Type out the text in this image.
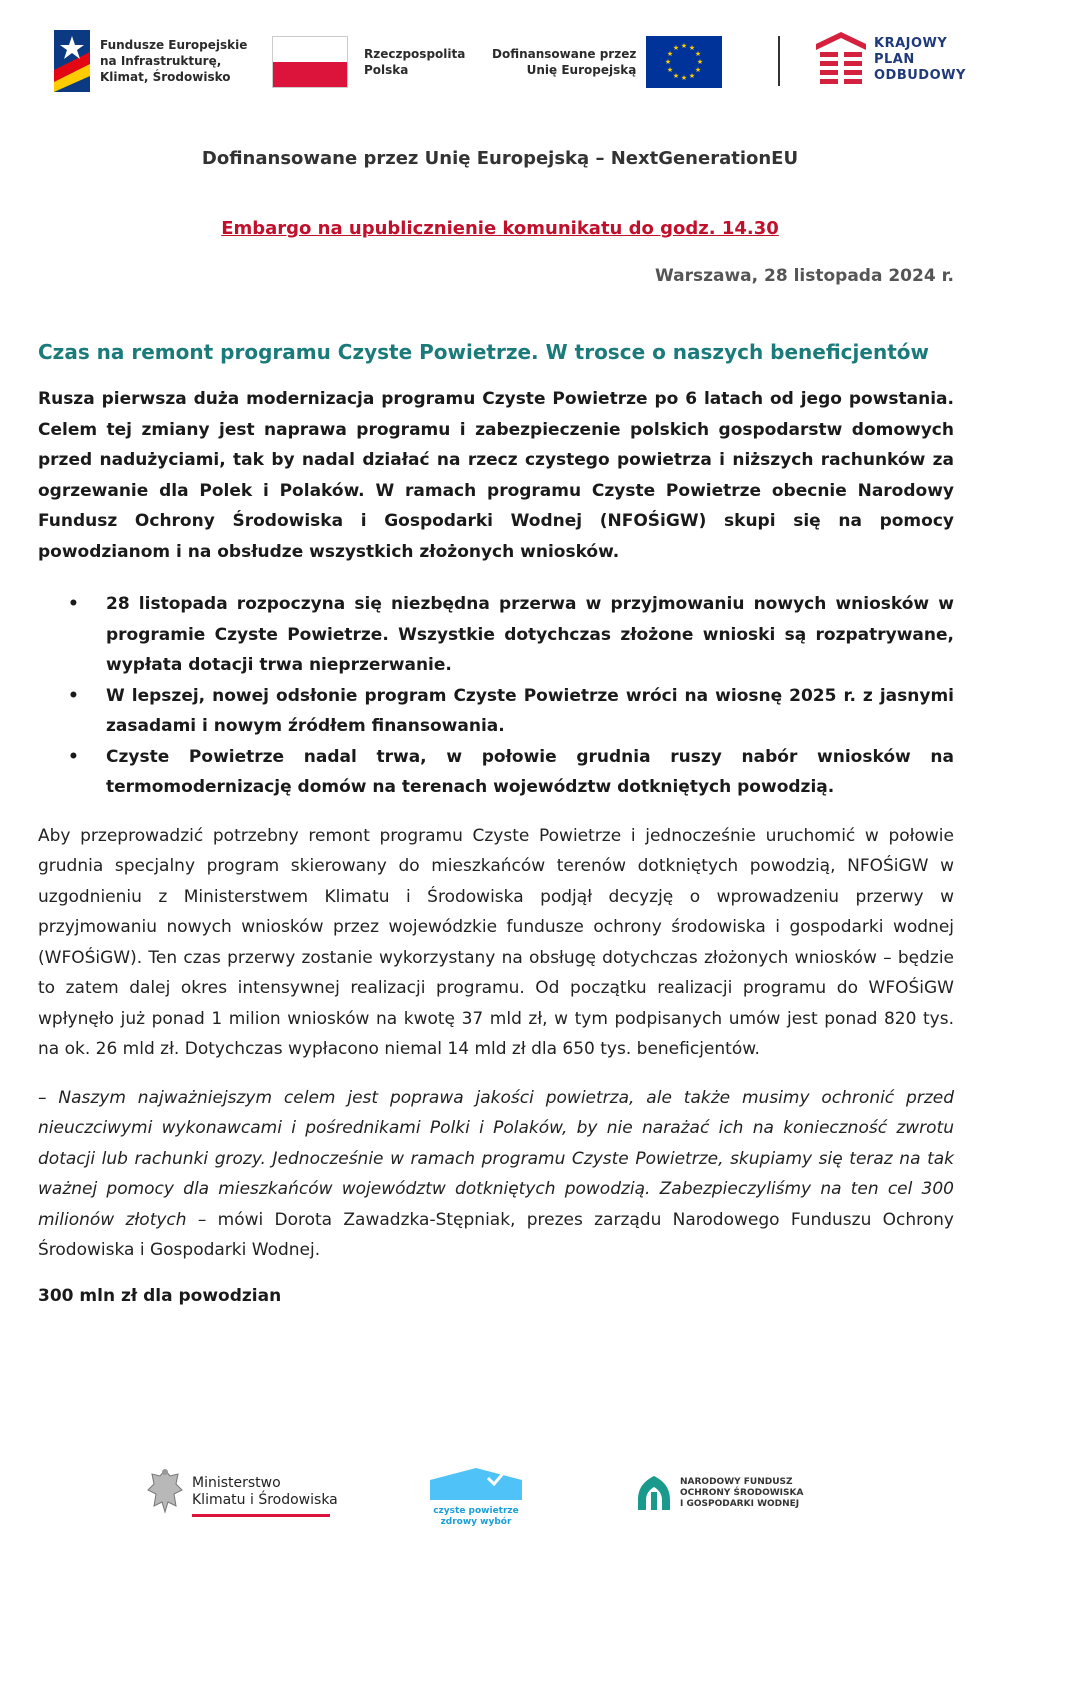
Fundusze Europejskie
na Infrastrukturę,
Klimat, Środowisko
Rzeczpospolita
Polska
Dofinansowane przez
Unię Europejską
★ ★
★
★
★
★
★
★
★
★
★
★	KRAJOWY
PLAN
ODBUDOWY
Dofinansowane przez Unię Europejską – NextGenerationEU
Embargo na upublicznienie komunikatu do godz. 14.30
Warszawa, 28 listopada 2024 r.
Czas na remont programu Czyste Powietrze. W trosce o naszych beneficjentów

Rusza pierwsza duża modernizacja programu Czyste Powietrze po 6 latach od jego powstania. Celem tej zmiany jest naprawa programu i zabezpieczenie polskich gospodarstw domowych przed nadużyciami, tak by nadal działać na rzecz czystego powietrza i niższych rachunków za ogrzewanie dla Polek i Polaków. W ramach programu Czyste Powietrze obecnie Narodowy Fundusz Ochrony Środowiska i Gospodarki Wodnej (NFOŚiGW) skupi się na pomocy powodzianom i na obsłudze wszystkich złożonych wniosków.

• 28 listopada rozpoczyna się niezbędna przerwa w przyjmowaniu nowych wniosków w programie Czyste Powietrze. Wszystkie dotychczas złożone wnioski są rozpatrywane, wypłata dotacji trwa nieprzerwanie.
• W lepszej, nowej odsłonie program Czyste Powietrze wróci na wiosnę 2025 r. z jasnymi zasadami i nowym źródłem finansowania.
• Czyste Powietrze nadal trwa, w połowie grudnia ruszy nabór wniosków na termomodernizację domów na terenach województw dotkniętych powodzią.

Aby przeprowadzić potrzebny remont programu Czyste Powietrze i jednocześnie uruchomić w połowie grudnia specjalny program skierowany do mieszkańców terenów dotkniętych powodzią, NFOŚiGW w uzgodnieniu z Ministerstwem Klimatu i Środowiska podjął decyzję o wprowadzeniu przerwy w przyjmowaniu nowych wniosków przez wojewódzkie fundusze ochrony środowiska i gospodarki wodnej (WFOŚiGW). Ten czas przerwy zostanie wykorzystany na obsługę dotychczas złożonych wniosków – będzie to zatem dalej okres intensywnej realizacji programu. Od początku realizacji programu do WFOŚiGW wpłynęło już ponad 1 milion wniosków na kwotę 37 mld zł, w tym podpisanych umów jest ponad 820 tys. na ok. 26 mld zł. Dotychczas wypłacono niemal 14 mld zł dla 650 tys. beneficjentów.

– Naszym najważniejszym celem jest poprawa jakości powietrza, ale także musimy ochronić przed nieuczciwymi wykonawcami i pośrednikami Polki i Polaków, by nie narażać ich na konieczność zwrotu dotacji lub rachunki grozy. Jednocześnie w ramach programu Czyste Powietrze, skupiamy się teraz na tak ważnej pomocy dla mieszkańców województw dotkniętych powodzią. Zabezpieczyliśmy na ten cel 300 milionów złotych – mówi Dorota Zawadzka-Stępniak, prezes zarządu Narodowego Funduszu Ochrony Środowiska i Gospodarki Wodnej.

300 mln zł dla powodzian
Ministerstwo
Klimatu i Środowiska
czyste powietrze
zdrowy wybór
NARODOWY FUNDUSZ
OCHRONY ŚRODOWISKA
I GOSPODARKI WODNEJ
